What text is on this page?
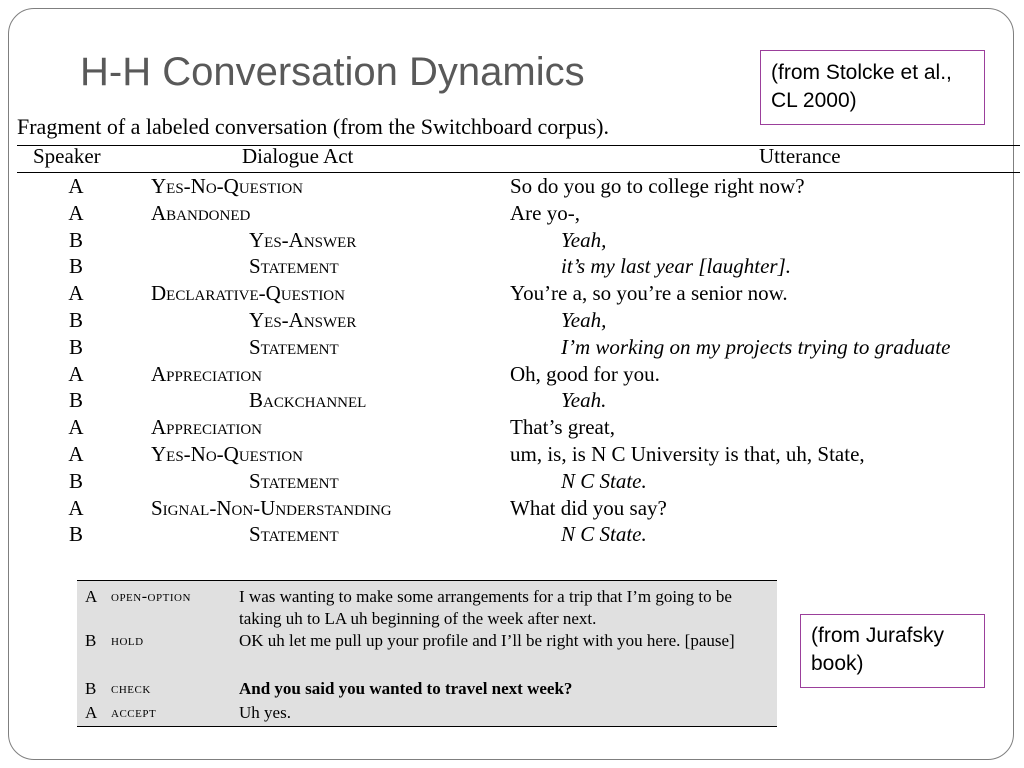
H-H Conversation Dynamics	(from Stolcke et al., CL 2000)
Fragment of a labeled conversation (from the Switchboard corpus).
Speaker	Dialogue Act	Utterance
A	Yes-No-Question	So do you go to college right now?
A	Abandoned	Are yo-,
B	Yes-Answer	Yeah,
B	Statement	it’s my last year [laughter].
A	Declarative-Question	You’re a, so you’re a senior now.
B	Yes-Answer	Yeah,
B	Statement	I’m working on my projects trying to graduate
A	Appreciation	Oh, good for you.
B	Backchannel	Yeah.
A	Appreciation	That’s great,
A	Yes-No-Question	um, is, is N C University is that, uh, State,
B	Statement	N C State.
A	Signal-Non-Understanding	What did you say?
B	Statement	N C State.
A open-option	I was wanting to make some arrangements for a trip that I’m going to be taking uh to LA uh beginning of the week after next.
B hold	OK uh let me pull up your profile and I’ll be right with you here. [pause]
B check	And you said you wanted to travel next week?
A accept	Uh yes.
(from Jurafsky book)
